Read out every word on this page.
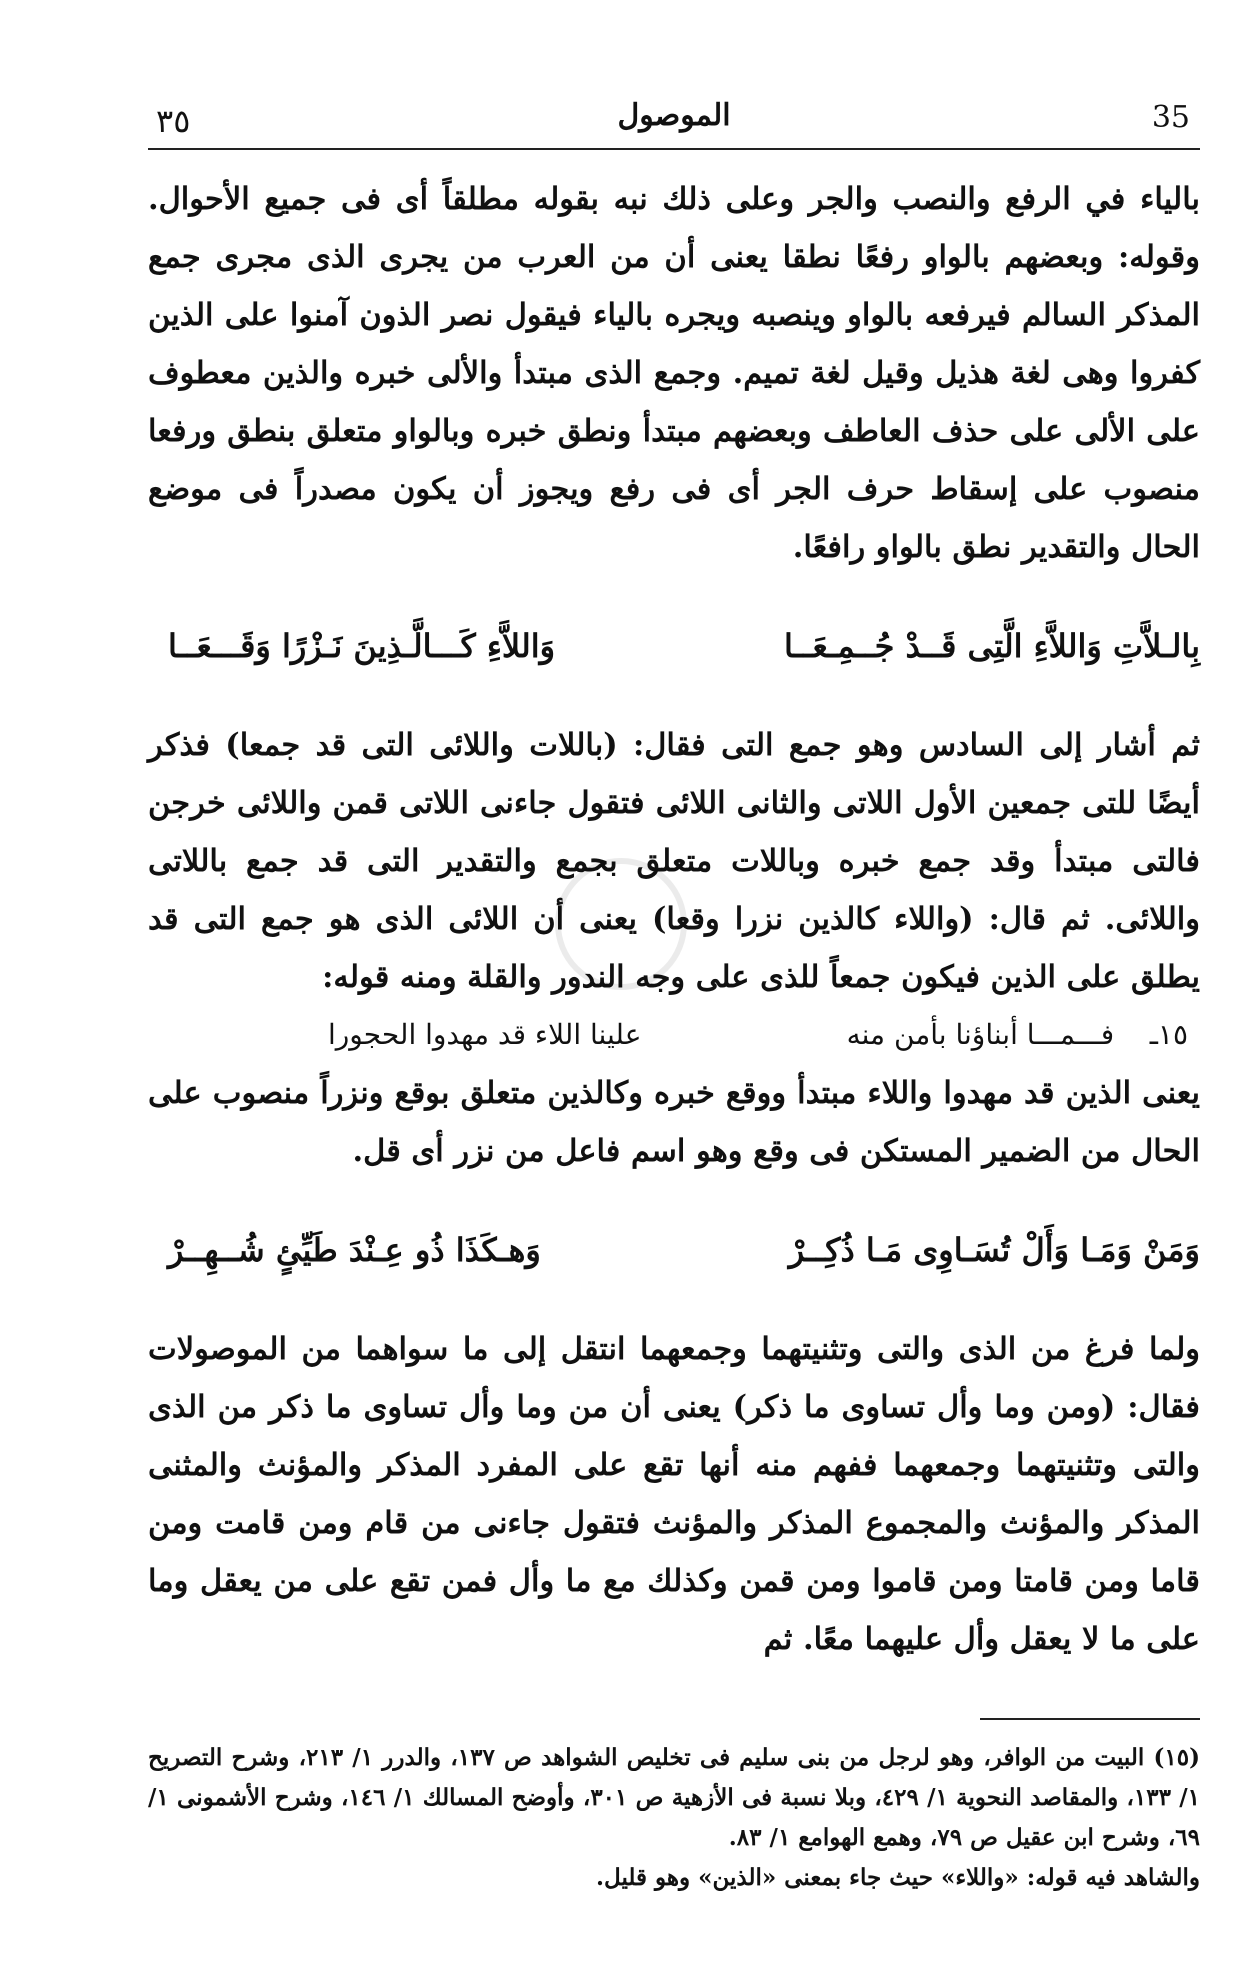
٣٥	الموصول	35

بالياء في الرفع والنصب والجر وعلى ذلك نبه بقوله مطلقاً أى فى جميع الأحوال. وقوله: وبعضهم بالواو رفعًا نطقا يعنى أن من العرب من يجرى الذى مجرى جمع المذكر السالم فيرفعه بالواو وينصبه ويجره بالياء فيقول نصر الذون آمنوا على الذين كفروا وهى لغة هذيل وقيل لغة تميم. وجمع الذى مبتدأ والألى خبره والذين معطوف على الألى على حذف العاطف وبعضهم مبتدأ ونطق خبره وبالواو متعلق بنطق ورفعا منصوب على إسقاط حرف الجر أى فى رفع ويجوز أن يكون مصدراً فى موضع الحال والتقدير نطق بالواو رافعًا.

بِالـلاَّتِ وَاللاَّءِ الَّتِى قَــدْ جُــمِـعَــا
وَاللاَّءِ كَـــالَّـذِينَ نَـزْرًا وَقَـــعَــا

ثم أشار إلى السادس وهو جمع التى فقال: (باللات واللائى التى قد جمعا) فذكر أيضًا للتى جمعين الأول اللاتى والثانى اللائى فتقول جاءنى اللاتى قمن واللائى خرجن فالتى مبتدأ وقد جمع خبره وباللات متعلق بجمع والتقدير التى قد جمع باللاتى واللائى. ثم قال: (واللاء كالذين نزرا وقعا) يعنى أن اللائى الذى هو جمع التى قد يطلق على الذين فيكون جمعاً للذى على وجه الندور والقلة ومنه قوله:

١٥ـ    فـــمـــا أبناؤنا بأمن منه
علينا اللاء قد مهدوا الحجورا

يعنى الذين قد مهدوا واللاء مبتدأ ووقع خبره وكالذين متعلق بوقع ونزراً منصوب على الحال من الضمير المستكن فى وقع وهو اسم فاعل من نزر أى قل.

وَمَنْ وَمَـا وَأَلْ تُسَـاوِى مَـا ذُكِــرْ
وَهـكَذَا ذُو عِـنْدَ طَيِّئٍ شُــهِــرْ

ولما فرغ من الذى والتى وتثنيتهما وجمعهما انتقل إلى ما سواهما من الموصولات فقال: (ومن وما وأل تساوى ما ذكر) يعنى أن من وما وأل تساوى ما ذكر من الذى والتى وتثنيتهما وجمعهما ففهم منه أنها تقع على المفرد المذكر والمؤنث والمثنى المذكر والمؤنث والمجموع المذكر والمؤنث فتقول جاءنى من قام ومن قامت ومن قاما ومن قامتا ومن قاموا ومن قمن وكذلك مع ما وأل فمن تقع على من يعقل وما على ما لا يعقل وأل عليهما معًا. ثم

(١٥) البيت من الوافر، وهو لرجل من بنى سليم فى تخليص الشواهد ص ١٣٧، والدرر ١/ ٢١٣، وشرح التصريح ١/ ١٣٣، والمقاصد النحوية ١/ ٤٢٩، وبلا نسبة فى الأزهية ص ٣٠١، وأوضح المسالك ١/ ١٤٦، وشرح الأشمونى ١/ ٦٩، وشرح ابن عقيل ص ٧٩، وهمع الهوامع ١/ ٨٣.

والشاهد فيه قوله: «واللاء» حيث جاء بمعنى «الذين» وهو قليل.
